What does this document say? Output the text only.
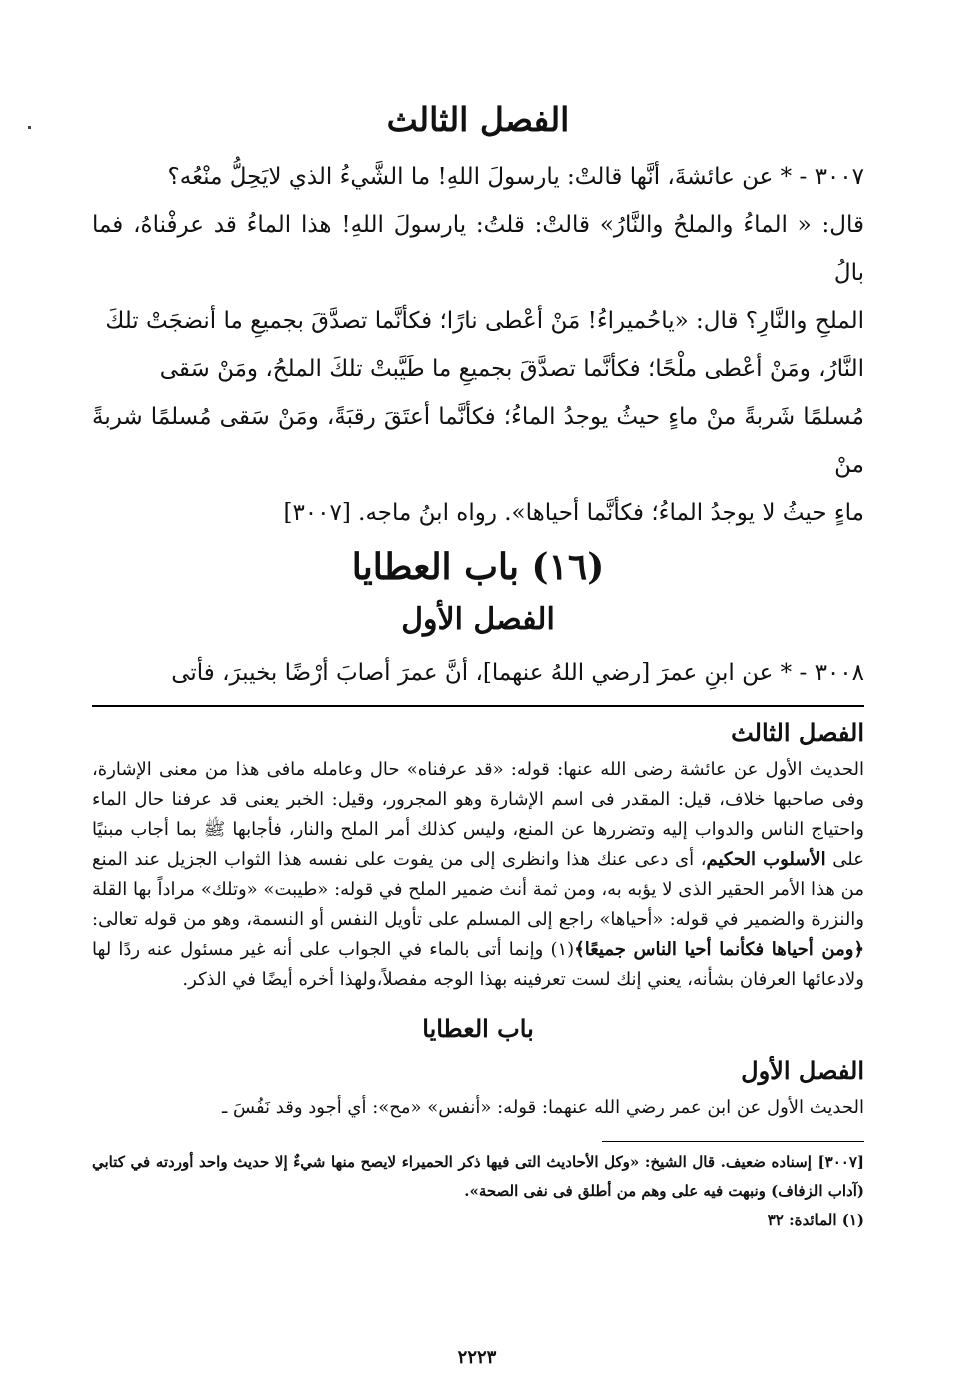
الفصل الثالث

٣٠٠٧ - * عن عائشةَ، أنَّها قالتْ: يارسولَ اللهِ! ما الشَّيءُ الذي لايَحِلُّ منْعُه؟

قال: « الماءُ والملحُ والنَّارُ» قالتْ: قلتُ: يارسولَ اللهِ! هذا الماءُ قد عرفْناهُ، فما بالُ

الملحِ والنَّارِ؟ قال: «ياحُميراءُ! مَنْ أعْطى نارًا؛ فكأنَّما تصدَّقَ بجميعِ ما أنضجَتْ تلكَ

النَّارُ، ومَنْ أعْطى ملْحًا؛ فكأنَّما تصدَّقَ بجميعِ ما طَيَّبتْ تلكَ الملحُ، ومَنْ سَقى

مُسلمًا شَربةً منْ ماءٍ حيثُ يوجدُ الماءُ؛ فكأنَّما أعتَقَ رقبَةً، ومَنْ سَقى مُسلمًا شربةً منْ

ماءٍ حيثُ لا يوجدُ الماءُ؛ فكأنَّما أحياها». رواه ابنُ ماجه. [٣٠٠٧]

(١٦) باب العطايا
الفصل الأول

٣٠٠٨ - * عن ابنِ عمرَ [رضي اللهُ عنهما]، أنَّ عمرَ أصابَ أرْضًا بخيبرَ، فأتى

الفصل الثالث

الحديث الأول عن عائشة رضى الله عنها: قوله: «قد عرفناه» حال وعامله مافى هذا من معنى الإشارة، وفى صاحبها خلاف، قيل: المقدر فى اسم الإشارة وهو المجرور، وقيل: الخبر يعنى قد عرفنا حال الماء واحتياج الناس والدواب إليه وتضررها عن المنع، وليس كذلك أمر الملح والنار، فأجابها ﷺ بما أجاب مبنيًا على الأسلوب الحكيم، أى دعى عنك هذا وانظرى إلى من يفوت على نفسه هذا الثواب الجزيل عند المنع من هذا الأمر الحقير الذى لا يؤبه به، ومن ثمة أنث ضمير الملح في قوله: «طيبت» «وتلك» مراداً بها القلة والنزرة والضمير في قوله: «أحياها» راجع إلى المسلم على تأويل النفس أو النسمة، وهو من قوله تعالى: ﴿ومن أحياها فكأنما أحيا الناس جميعًا﴾(١) وإنما أتى بالماء في الجواب على أنه غير مسئول عنه ردًا لها ولادعائها العرفان بشأنه، يعني إنك لست تعرفينه بهذا الوجه مفصلاً،ولهذا أخره أيضًا في الذكر.

باب العطايا
الفصل الأول

الحديث الأول عن ابن عمر رضي الله عنهما: قوله: «أنفس» «مح»: أي أجود وقد نَفُسَ ـ

[٣٠٠٧] إسناده ضعيف. قال الشيخ: «وكل الأحاديث التى فيها ذكر الحميراء لايصح منها شيءٌ إلا حديث واحد أوردته في كتابي (آداب الزفاف) ونبهت فيه على وهم من أطلق فى نفى الصحة».

(١) المائدة: ٣٢

٢٢٢٣
